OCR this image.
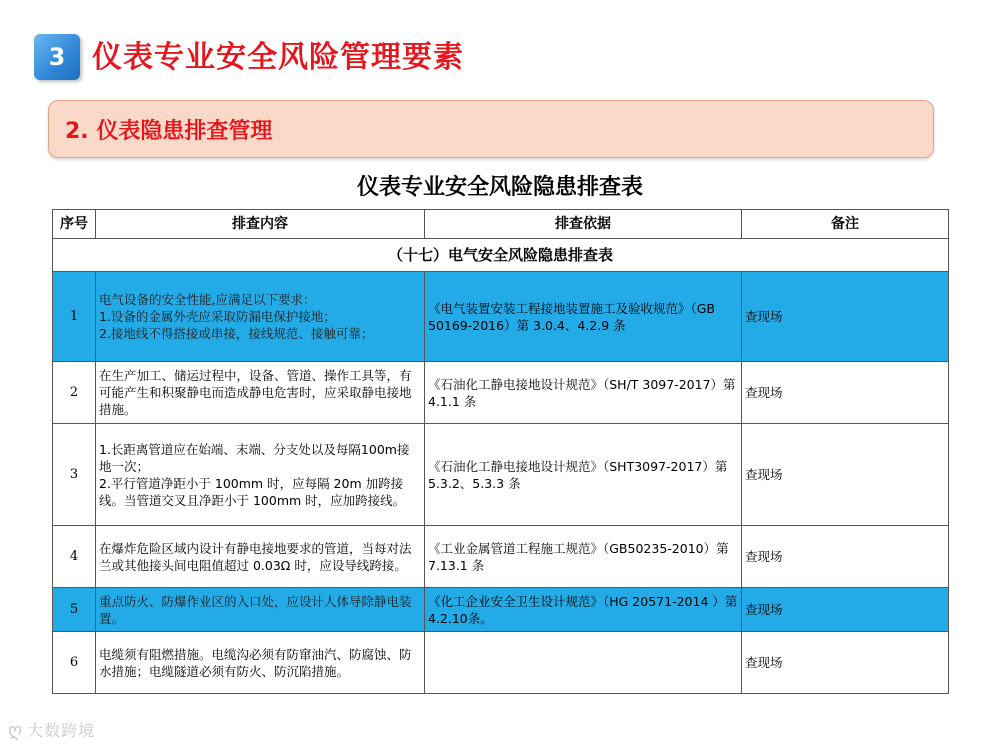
3 仪表专业安全风险管理要素
2. 仪表隐患排查管理
仪表专业安全风险隐患排查表
序号	排查内容	排查依据	备注
（十七）电气安全风险隐患排查表			
1	电气设备的安全性能,应满足以下要求：
1.设备的金属外壳应采取防漏电保护接地；
2.接地线不得搭接或串接，接线规范、接触可靠；	《电气装置安装工程接地装置施工及验收规范》（GB 50169-2016）第 3.0.4、4.2.9 条	查现场
2	在生产加工、储运过程中，设备、管道、操作工具等，有可能产生和积聚静电而造成静电危害时，应采取静电接地措施。	《石油化工静电接地设计规范》（SH/T 3097-2017）第 4.1.1 条	查现场
3	1.长距离管道应在始端、末端、分支处以及每隔100m接地一次；
2.平行管道净距小于 100mm 时，应每隔 20m 加跨接线。当管道交叉且净距小于 100mm 时，应加跨接线。	《石油化工静电接地设计规范》（SHT3097-2017）第 5.3.2、5.3.3 条	查现场
4	在爆炸危险区域内设计有静电接地要求的管道，当每对法兰或其他接头间电阻值超过 0.03Ω 时，应设导线跨接。	《工业金属管道工程施工规范》（GB50235-2010）第 7.13.1 条	查现场
5	重点防火、防爆作业区的入口处，应设计人体导除静电装置。	《化工企业安全卫生设计规范》（HG 20571-2014 ）第4.2.10条。	查现场
6	电缆须有阻燃措施。电缆沟必须有防窜油汽、防腐蚀、防水措施；电缆隧道必须有防火、防沉陷措施。		查现场
ღ 大数跨境
